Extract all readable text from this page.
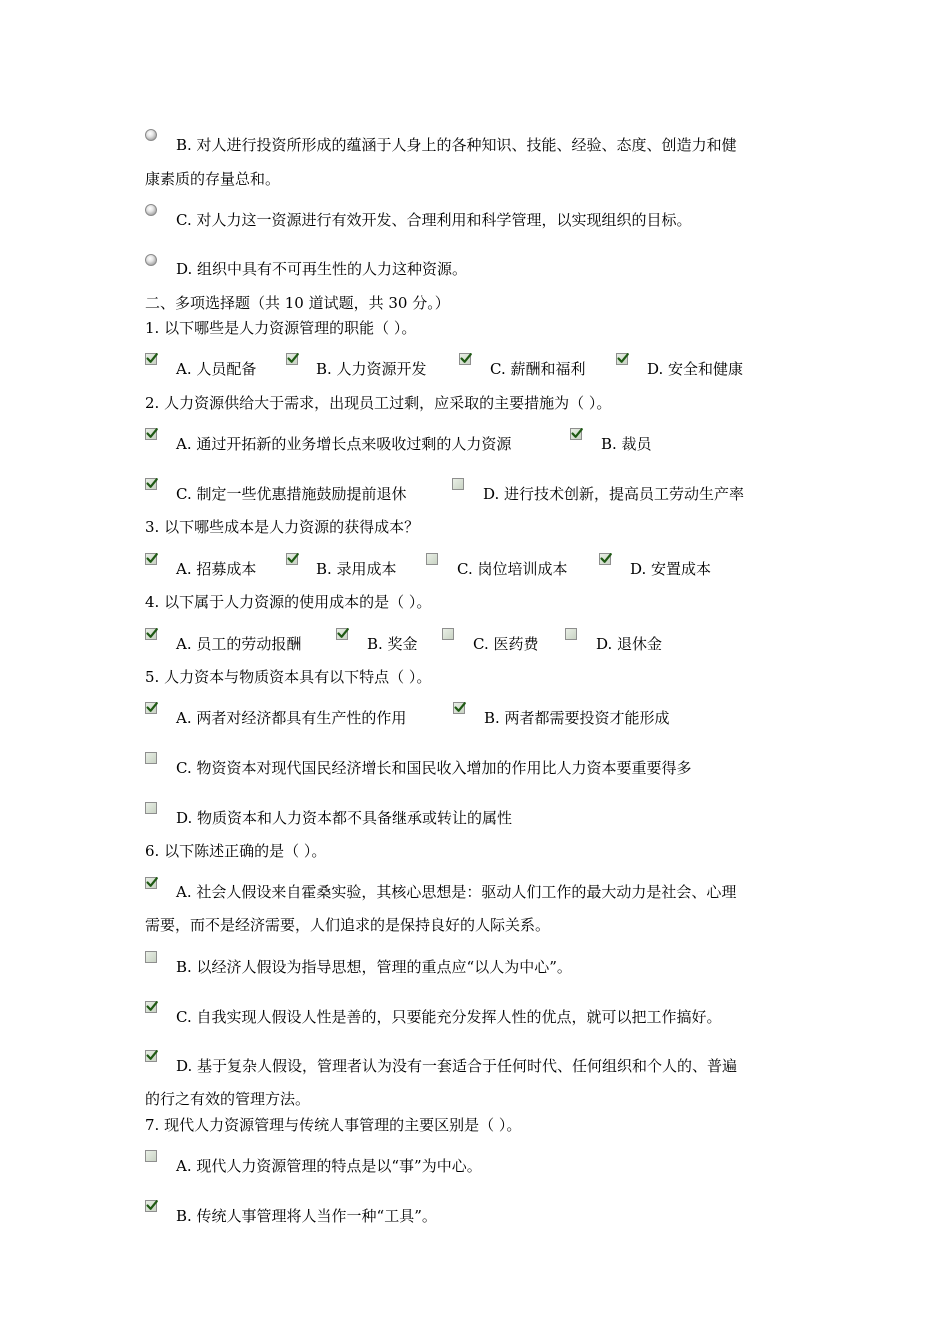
B. 对人进行投资所形成的蕴涵于人身上的各种知识、技能、经验、态度、创造力和健
康素质的存量总和。
C. 对人力这一资源进行有效开发、合理利用和科学管理，以实现组织的目标。
D. 组织中具有不可再生性的人力这种资源。
二、多项选择题（共 10 道试题，共 30 分。）
1. 以下哪些是人力资源管理的职能（ ）。
A. 人员配备	B. 人力资源开发	C. 薪酬和福利	D. 安全和健康
2. 人力资源供给大于需求，出现员工过剩，应采取的主要措施为（ ）。
A. 通过开拓新的业务增长点来吸收过剩的人力资源	B. 裁员
C. 制定一些优惠措施鼓励提前退休	D. 进行技术创新，提高员工劳动生产率
3. 以下哪些成本是人力资源的获得成本？
A. 招募成本	B. 录用成本	C. 岗位培训成本	D. 安置成本
4. 以下属于人力资源的使用成本的是（ ）。
A. 员工的劳动报酬	B. 奖金	C. 医药费	D. 退休金
5. 人力资本与物质资本具有以下特点（ ）。
A. 两者对经济都具有生产性的作用	B. 两者都需要投资才能形成
C. 物资资本对现代国民经济增长和国民收入增加的作用比人力资本要重要得多
D. 物质资本和人力资本都不具备继承或转让的属性
6. 以下陈述正确的是（ ）。
A. 社会人假设来自霍桑实验，其核心思想是：驱动人们工作的最大动力是社会、心理
需要，而不是经济需要，人们追求的是保持良好的人际关系。
B. 以经济人假设为指导思想，管理的重点应“以人为中心”。
C. 自我实现人假设人性是善的，只要能充分发挥人性的优点，就可以把工作搞好。
D. 基于复杂人假设，管理者认为没有一套适合于任何时代、任何组织和个人的、普遍
的行之有效的管理方法。
7. 现代人力资源管理与传统人事管理的主要区别是（ ）。
A. 现代人力资源管理的特点是以“事”为中心。
B. 传统人事管理将人当作一种“工具”。
